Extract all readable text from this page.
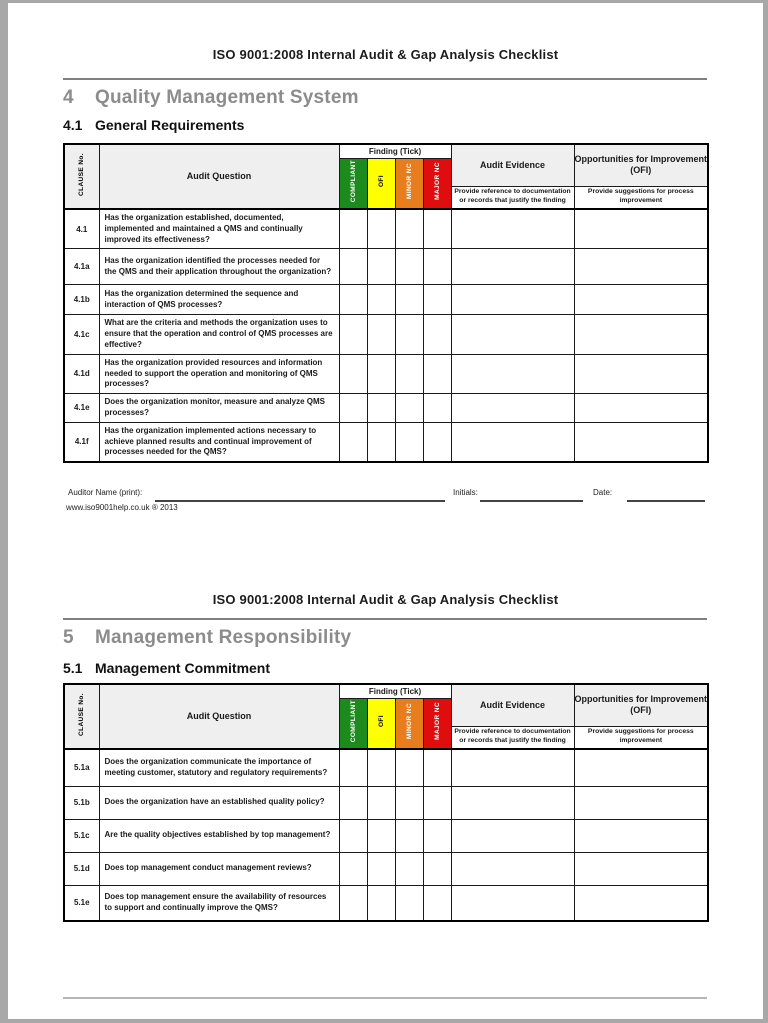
ISO 9001:2008 Internal Audit & Gap Analysis Checklist
4 Quality Management System
4.1 General Requirements
CLAUSE No.	Audit Question	Finding (Tick)				Audit Evidence	Opportunities for Improvement (OFI)
		COMPLIANT	OFI	MINOR NC	MAJOR NC		
						Provide reference to documentation or records that justify the finding	Provide suggestions for process improvement
4.1	Has the organization established, documented, implemented and maintained a QMS and continually improved its effectiveness?						
4.1a	Has the organization identified the processes needed for the QMS and their application throughout the organization?						
4.1b	Has the organization determined the sequence and interaction of QMS processes?						
4.1c	What are the criteria and methods the organization uses to ensure that the operation and control of QMS processes are effective?						
4.1d	Has the organization provided resources and information needed to support the operation and monitoring of QMS processes?						
4.1e	Does the organization monitor, measure and analyze QMS processes?						
4.1f	Has the organization implemented actions necessary to achieve planned results and continual improvement of processes needed for the QMS?						
Auditor Name (print):	Initials:	Date:
www.iso9001help.co.uk ® 2013
ISO 9001:2008 Internal Audit & Gap Analysis Checklist
5 Management Responsibility
5.1 Management Commitment
CLAUSE No.	Audit Question	Finding (Tick)				Audit Evidence	Opportunities for Improvement (OFI)
		COMPLIANT	OFI	MINOR NC	MAJOR NC		
						Provide reference to documentation or records that justify the finding	Provide suggestions for process improvement
5.1a	Does the organization communicate the importance of meeting customer, statutory and regulatory requirements?						
5.1b	Does the organization have an established quality policy?						
5.1c	Are the quality objectives established by top management?						
5.1d	Does top management conduct management reviews?						
5.1e	Does top management ensure the availability of resources to support and continually improve the QMS?						
